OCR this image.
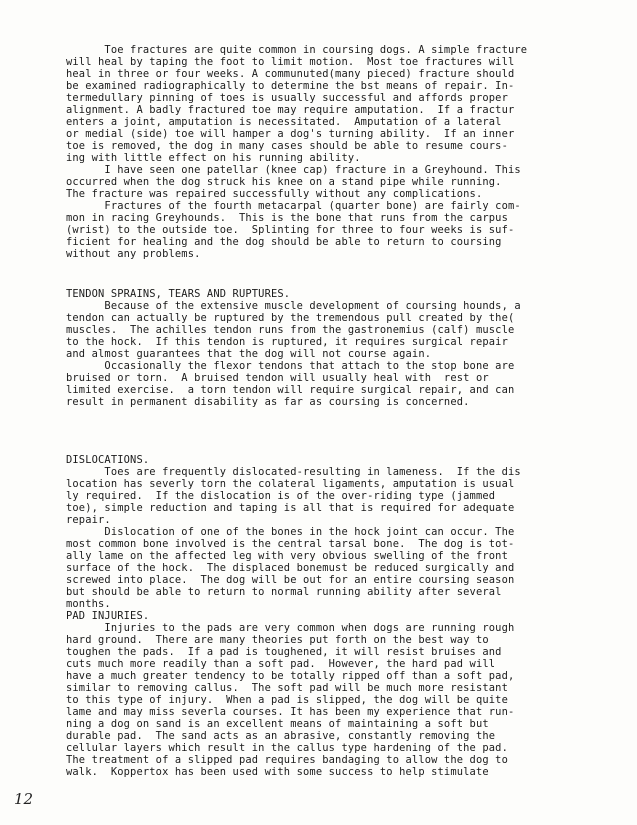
Toe fractures are quite common in coursing dogs. A simple fracture
will heal by taping the foot to limit motion.  Most toe fractures will
heal in three or four weeks. A communuted(many pieced) fracture should
be examined radiographically to determine the bst means of repair. In-
termedullary pinning of toes is usually successful and affords proper
alignment. A badly fractured toe may require amputation.  If a fractur
enters a joint, amputation is necessitated.  Amputation of a lateral
or medial (side) toe will hamper a dog's turning ability.  If an inner
toe is removed, the dog in many cases should be able to resume cours-
ing with little effect on his running ability.
I have seen one patellar (knee cap) fracture in a Greyhound. This
occurred when the dog struck his knee on a stand pipe while running.
The fracture was repaired successfully without any complications.
Fractures of the fourth metacarpal (quarter bone) are fairly com-
mon in racing Greyhounds.  This is the bone that runs from the carpus
(wrist) to the outside toe.  Splinting for three to four weeks is suf-
ficient for healing and the dog should be able to return to coursing
without any problems.
TENDON SPRAINS, TEARS AND RUPTURES.
Because of the extensive muscle development of coursing hounds, a
tendon can actually be ruptured by the tremendous pull created by the(
muscles.  The achilles tendon runs from the gastronemius (calf) muscle
to the hock.  If this tendon is ruptured, it requires surgical repair
and almost guarantees that the dog will not course again.
Occasionally the flexor tendons that attach to the stop bone are
bruised or torn.  A bruised tendon will usually heal with  rest or
limited exercise.  a torn tendon will require surgical repair, and can
result in permanent disability as far as coursing is concerned.
DISLOCATIONS.
Toes are frequently dislocated-resulting in lameness.  If the dis
location has severly torn the colateral ligaments, amputation is usual
ly required.  If the dislocation is of the over-riding type (jammed
toe), simple reduction and taping is all that is required for adequate
repair.
Dislocation of one of the bones in the hock joint can occur. The
most common bone involved is the central tarsal bone.  The dog is tot-
ally lame on the affected leg with very obvious swelling of the front
surface of the hock.  The displaced bonemust be reduced surgically and
screwed into place.  The dog will be out for an entire coursing season
but should be able to return to normal running ability after several
months.
PAD INJURIES.
Injuries to the pads are very common when dogs are running rough
hard ground.  There are many theories put forth on the best way to
toughen the pads.  If a pad is toughened, it will resist bruises and
cuts much more readily than a soft pad.  However, the hard pad will
have a much greater tendency to be totally ripped off than a soft pad,
similar to removing callus.  The soft pad will be much more resistant
to this type of injury.  When a pad is slipped, the dog will be quite
lame and may miss severla courses. It has been my experience that run-
ning a dog on sand is an excellent means of maintaining a soft but
durable pad.  The sand acts as an abrasive, constantly removing the
cellular layers which result in the callus type hardening of the pad.
The treatment of a slipped pad requires bandaging to allow the dog to
walk.  Koppertox has been used with some success to help stimulate
12
